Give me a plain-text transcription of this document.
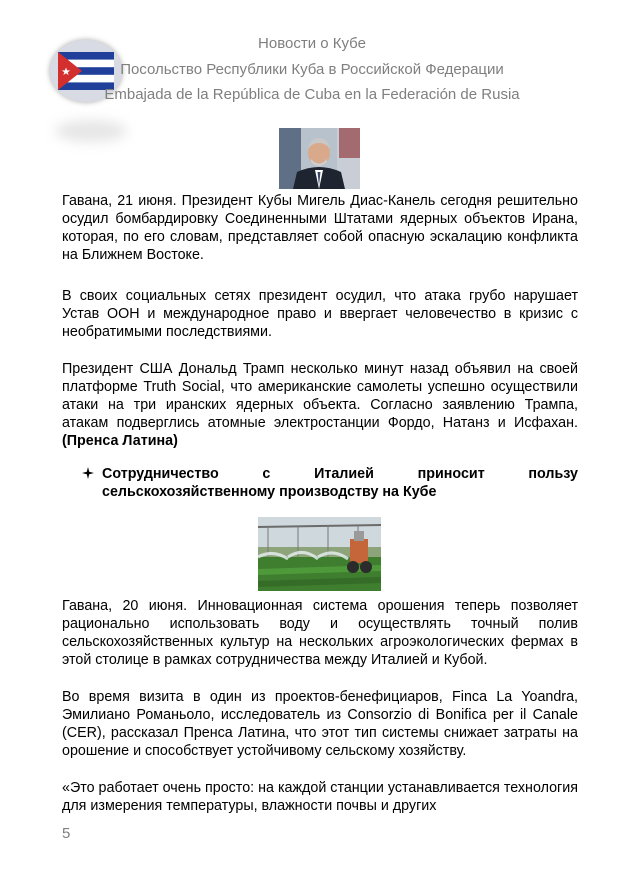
Новости о Кубе
Посольство Республики Куба в Российской Федерации
Embajada de la República de Cuba en la Federación de Rusia
Гавана, 21 июня. Президент Кубы Мигель Диас-Канель сегодня решительно осудил бомбардировку Соединенными Штатами ядерных объектов Ирана, которая, по его словам, представляет собой опасную эскалацию конфликта на Ближнем Востоке.
В своих социальных сетях президент осудил, что атака грубо нарушает Устав ООН и международное право и ввергает человечество в кризис с необратимыми последствиями.
Президент США Дональд Трамп несколько минут назад объявил на своей платформе Truth Social, что американские самолеты успешно осуществили атаки на три иранских ядерных объекта. Согласно заявлению Трампа, атакам подверглись атомные электростанции Фордо, Натанз и Исфахан. (Пренса Латина)
Сотрудничество с Италией приносит пользу сельскохозяйственному производству на Кубе
Гавана, 20 июня. Инновационная система орошения теперь позволяет рационально использовать воду и осуществлять точный полив сельскохозяйственных культур на нескольких агроэкологических фермах в этой столице в рамках сотрудничества между Италией и Кубой.
Во время визита в один из проектов-бенефициаров, Finca La Yoandra, Эмилиано Романьоло, исследователь из Consorzio di Bonifica per il Canale (CER), рассказал Пренса Латина, что этот тип системы снижает затраты на орошение и способствует устойчивому сельскому хозяйству.
«Это работает очень просто: на каждой станции устанавливается технология для измерения температуры, влажности почвы и других
5
